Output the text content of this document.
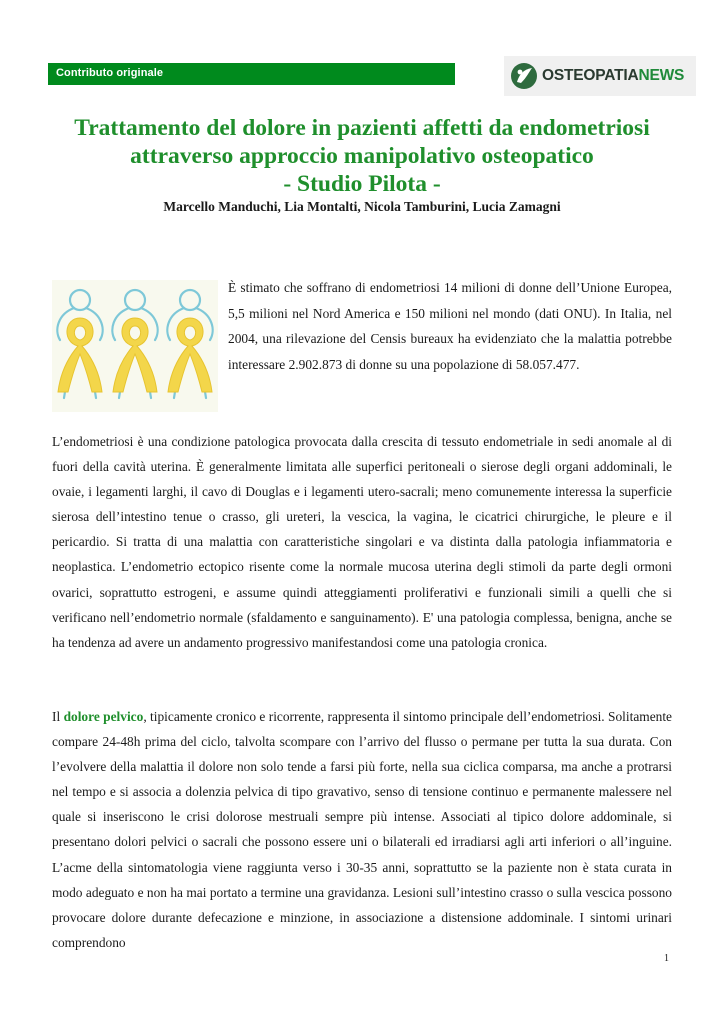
Contributo originale	OSTEOPATIANEWS
Trattamento del dolore in pazienti affetti da endometriosi
attraverso approccio manipolativo osteopatico
- Studio Pilota -
Marcello Manduchi, Lia Montalti, Nicola Tamburini, Lucia Zamagni

È stimato che soffrano di endometriosi 14 milioni di donne dell’Unione Europea, 5,5 milioni nel Nord America e 150 milioni nel mondo (dati ONU). In Italia, nel 2004, una rilevazione del Censis bureaux ha evidenziato che la malattia potrebbe interessare 2.902.873 di donne su una popolazione di 58.057.477.

L’endometriosi è una condizione patologica provocata dalla crescita di tessuto endometriale in sedi anomale al di fuori della cavità uterina. È generalmente limitata alle superfici peritoneali o sierose degli organi addominali, le ovaie, i legamenti larghi, il cavo di Douglas e i legamenti utero-sacrali; meno comunemente interessa la superficie sierosa dell’intestino tenue o crasso, gli ureteri, la vescica, la vagina, le cicatrici chirurgiche, le pleure e il pericardio. Si tratta di una malattia con caratteristiche singolari e va distinta dalla patologia infiammatoria e neoplastica. L’endometrio ectopico risente come la normale mucosa uterina degli stimoli da parte degli ormoni ovarici, soprattutto estrogeni, e assume quindi atteggiamenti proliferativi e funzionali simili a quelli che si verificano nell’endometrio normale (sfaldamento e sanguinamento). E' una patologia complessa, benigna, anche se ha tendenza ad avere un andamento progressivo manifestandosi come una patologia cronica.

Il dolore pelvico, tipicamente cronico e ricorrente, rappresenta il sintomo principale dell’endometriosi. Solitamente compare 24-48h prima del ciclo, talvolta scompare con l’arrivo del flusso o permane per tutta la sua durata. Con l’evolvere della malattia il dolore non solo tende a farsi più forte, nella sua ciclica comparsa, ma anche a protrarsi nel tempo e si associa a dolenzia pelvica di tipo gravativo, senso di tensione continuo e permanente malessere nel quale si inseriscono le crisi dolorose mestruali sempre più intense. Associati al tipico dolore addominale, si presentano dolori pelvici o sacrali che possono essere uni o bilaterali ed irradiarsi agli arti inferiori o all’inguine. L’acme della sintomatologia viene raggiunta verso i 30-35 anni, soprattutto se la paziente non è stata curata in modo adeguato e non ha mai portato a termine una gravidanza. Lesioni sull’intestino crasso o sulla vescica possono provocare dolore durante defecazione e minzione, in associazione a distensione addominale. I sintomi urinari comprendono

1
